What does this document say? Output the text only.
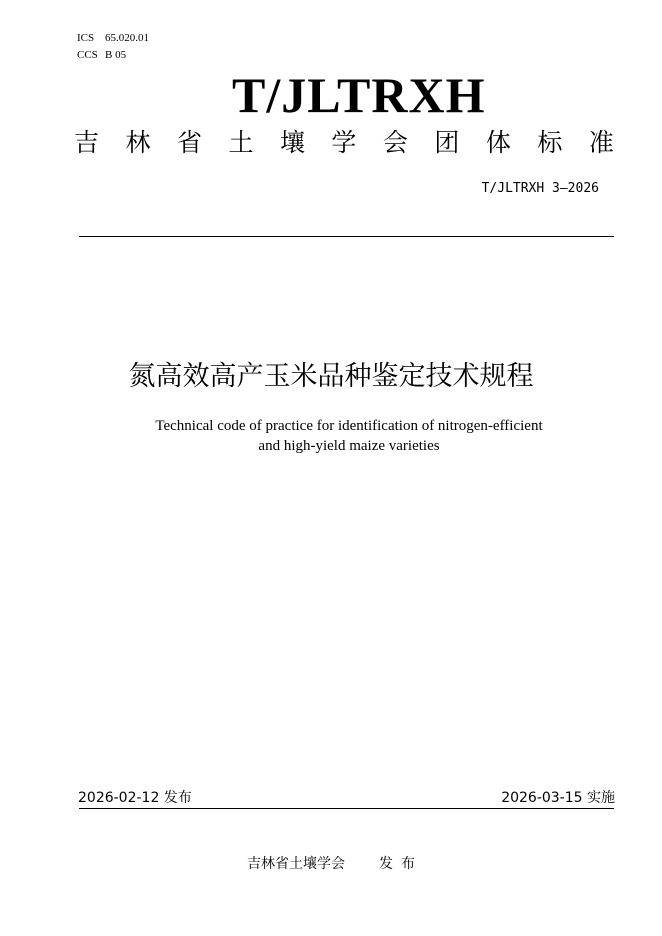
ICS 65.020.01
CCS B 05
T/JLTRXH
吉 林 省 土 壤 学 会 团 体 标 准
T/JLTRXH 3—2026
氮高效高产玉米品种鉴定技术规程
Technical code of practice for identification of nitrogen-efficient
and high-yield maize varieties
2026-02-12 发布	2026-03-15 实施
吉林省土壤学会 发 布
